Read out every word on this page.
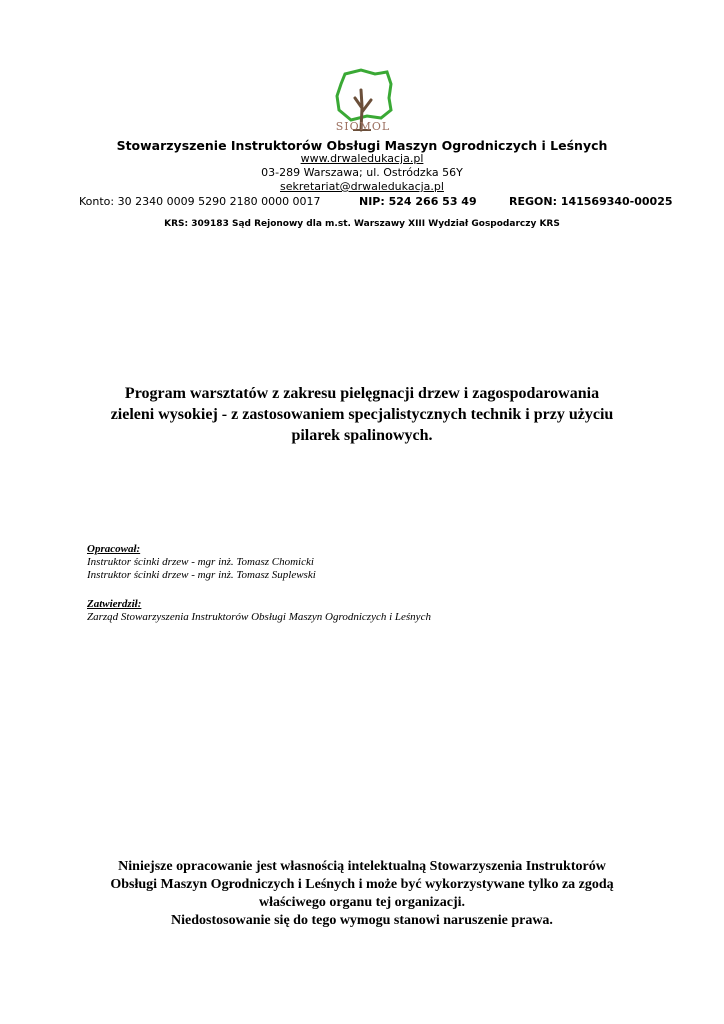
SIOMOL
Stowarzyszenie Instruktorów Obsługi Maszyn Ogrodniczych i Leśnych
www.drwaledukacja.pl
03-289 Warszawa; ul. Ostródzka 56Y
sekretariat@drwaledukacja.pl
Konto: 30 2340 0009 5290 2180 0000 0017	NIP: 524 266 53 49	REGON: 141569340-00025
KRS: 309183 Sąd Rejonowy dla m.st. Warszawy XIII Wydział Gospodarczy KRS
Program warsztatów z zakresu pielęgnacji drzew i zagospodarowania
zieleni wysokiej - z zastosowaniem specjalistycznych technik i przy użyciu
pilarek spalinowych.
Opracował:
Instruktor ścinki drzew - mgr inż. Tomasz Chomicki
Instruktor ścinki drzew - mgr inż. Tomasz Suplewski
Zatwierdził:
Zarząd Stowarzyszenia Instruktorów Obsługi Maszyn Ogrodniczych i Leśnych
Niniejsze opracowanie jest własnością intelektualną Stowarzyszenia Instruktorów
Obsługi Maszyn Ogrodniczych i Leśnych i może być wykorzystywane tylko za zgodą
właściwego organu tej organizacji.
Niedostosowanie się do tego wymogu stanowi naruszenie prawa.
